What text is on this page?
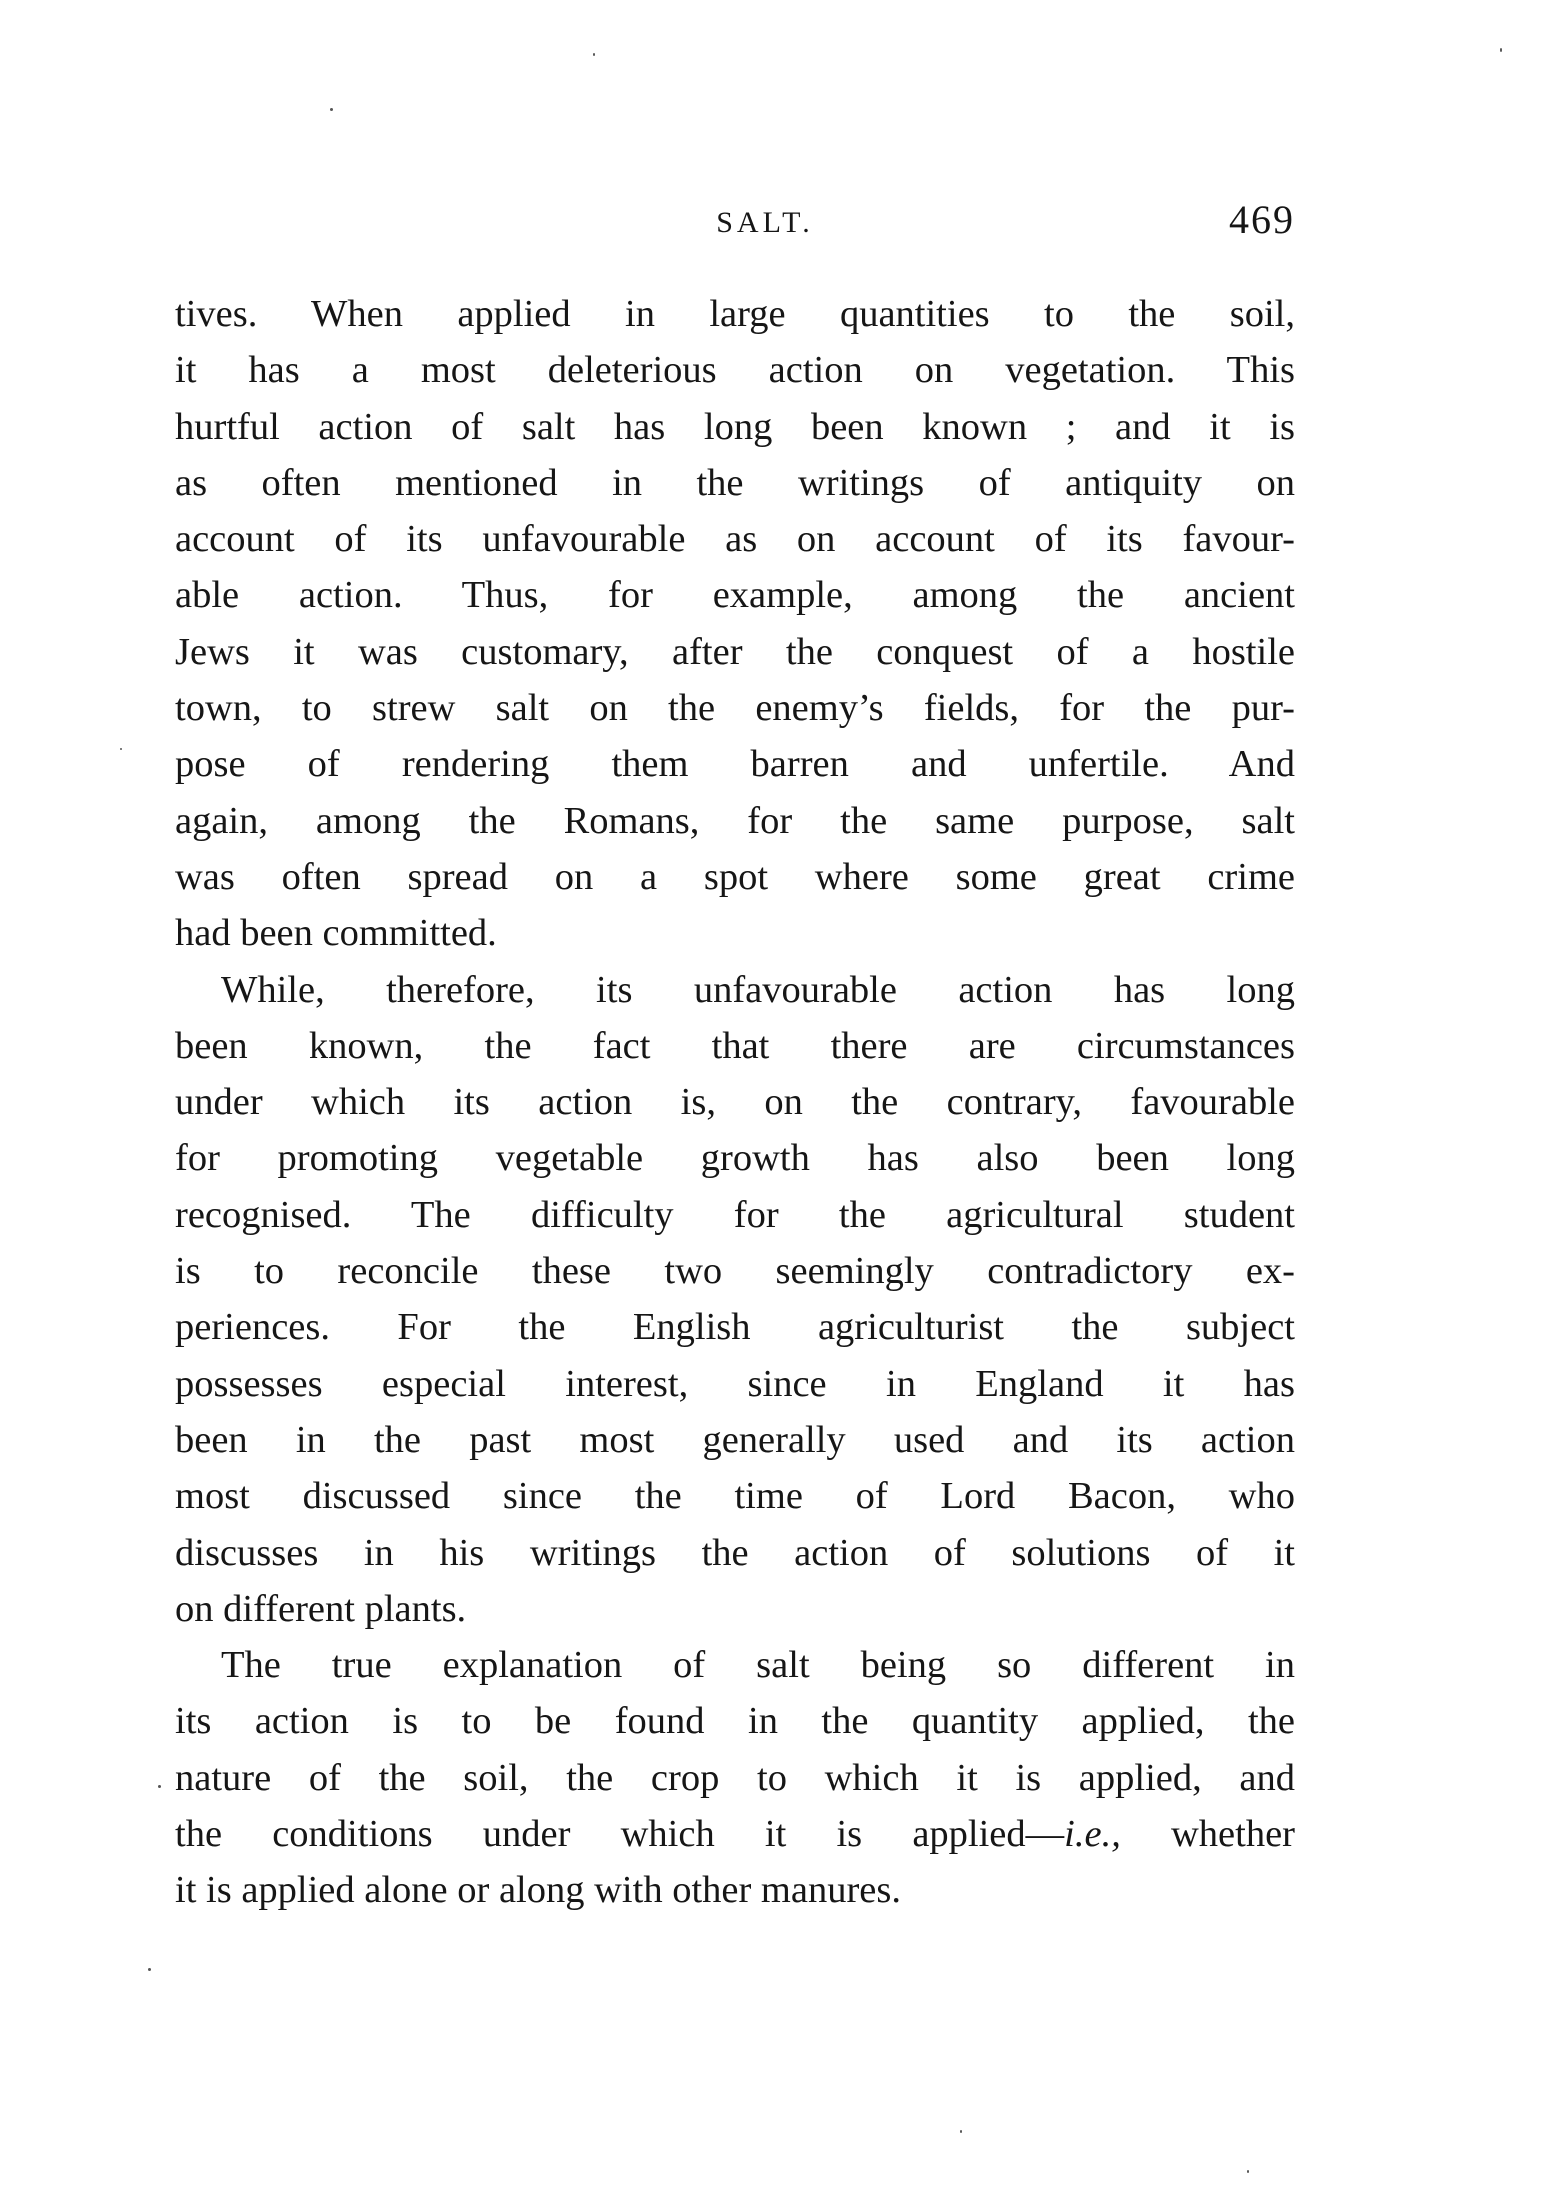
SALT.	469
tives. When applied in large quantities to the soil,
it has a most deleterious action on vegetation. This
hurtful action of salt has long been known ; and it is
as often mentioned in the writings of antiquity on
account of its unfavourable as on account of its favour-
able action. Thus, for example, among the ancient
Jews it was customary, after the conquest of a hostile
town, to strew salt on the enemy’s fields, for the pur-
pose of rendering them barren and unfertile. And
again, among the Romans, for the same purpose, salt
was often spread on a spot where some great crime
had been committed.
While, therefore, its unfavourable action has long
been known, the fact that there are circumstances
under which its action is, on the contrary, favourable
for promoting vegetable growth has also been long
recognised. The difficulty for the agricultural student
is to reconcile these two seemingly contradictory ex-
periences. For the English agriculturist the subject
possesses especial interest, since in England it has
been in the past most generally used and its action
most discussed since the time of Lord Bacon, who
discusses in his writings the action of solutions of it
on different plants.
The true explanation of salt being so different in
its action is to be found in the quantity applied, the
nature of the soil, the crop to which it is applied, and
the conditions under which it is applied—i.e., whether
it is applied alone or along with other manures.
